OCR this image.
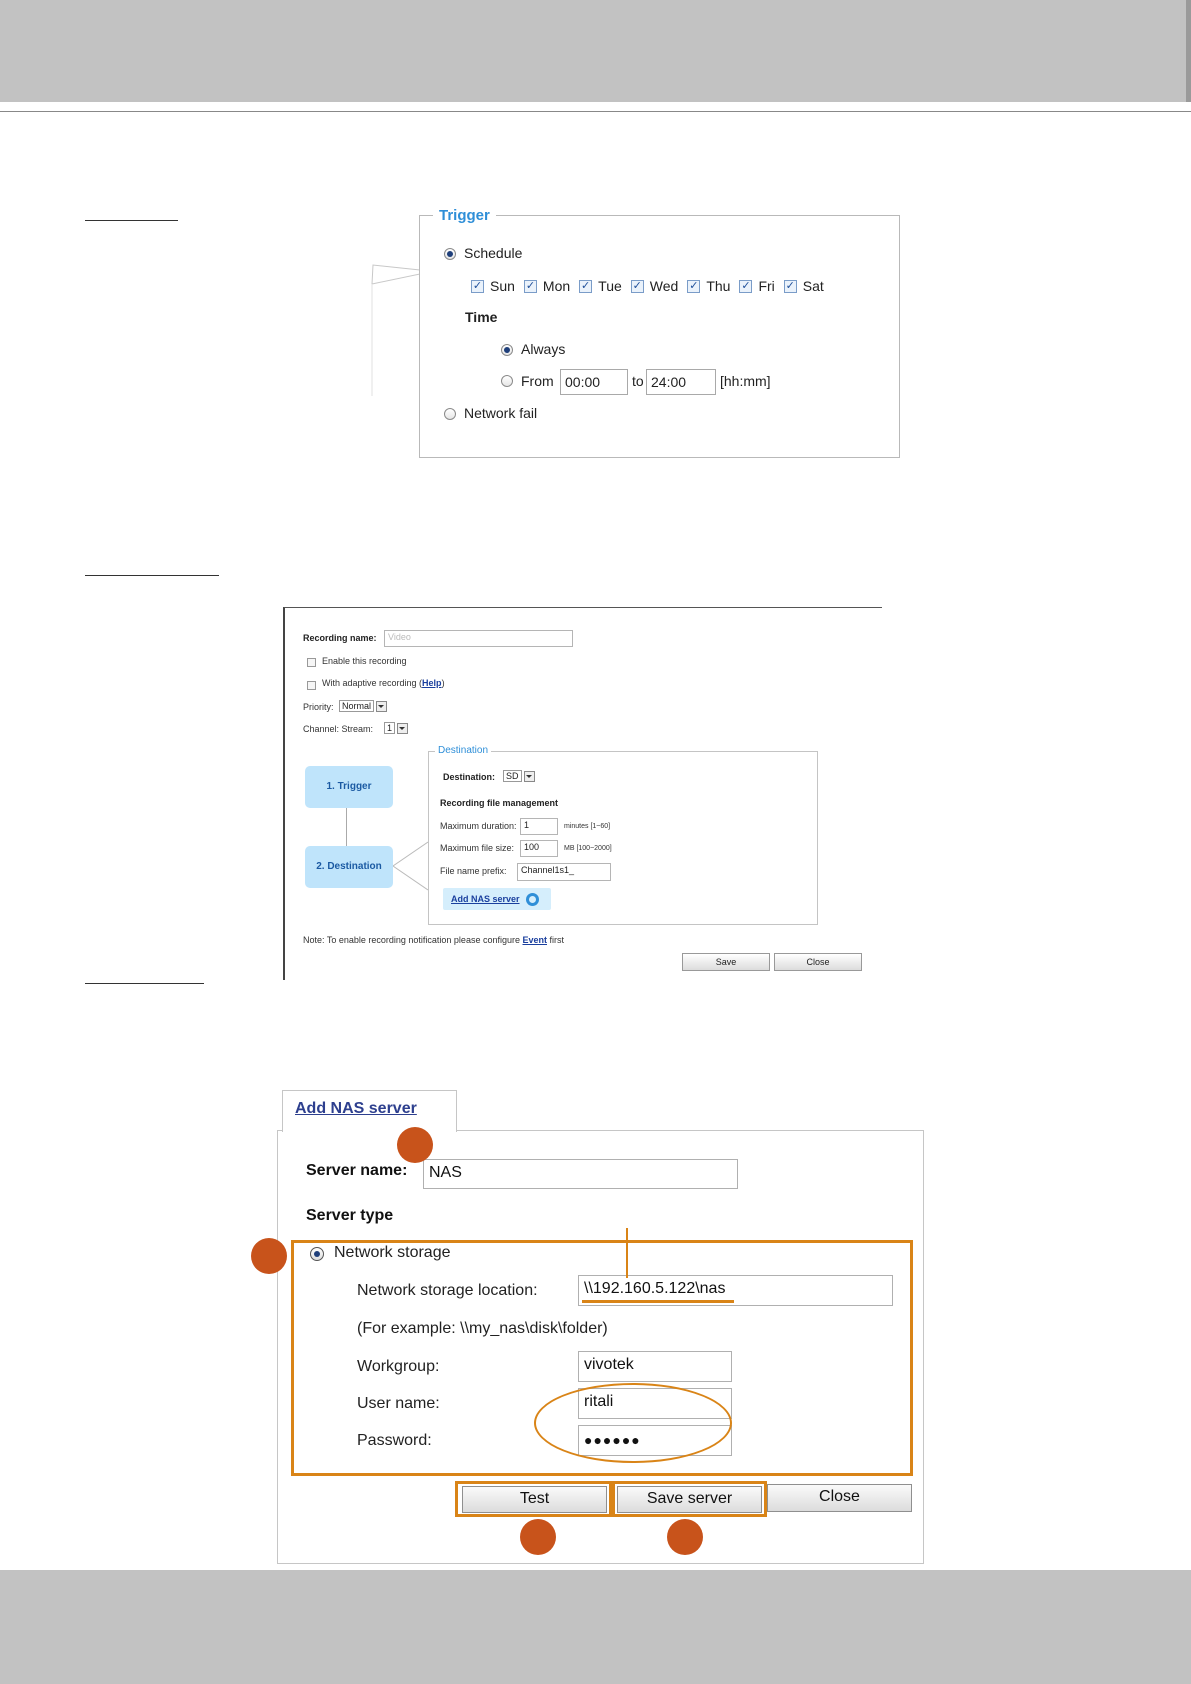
Trigger
Schedule
✓ Sun ✓ Mon ✓ Tue ✓ Wed ✓ Thu ✓ Fri ✓ Sat
Time
Always
From 00:00	to 24:00	[hh:mm]
Network fail
Recording name:	Video
Enable this recording
With adaptive recording (Help)
Priority: Normal
Channel: Stream:	1
1. Trigger
2. Destination
Destination
Destination:	SD
Recording file management
Maximum duration: 1	minutes [1~60]
Maximum file size:	100	MB [100~2000]
File name prefix:	Channel1s1_
Add NAS server
Note: To enable recording notification please configure Event first
Save	Close
Add NAS server
Server name:	NAS
Server type
Network storage
Network storage location:	\\192.160.5.122\nas
(For example: \\my_nas\disk\folder)
Workgroup:	vivotek
User name:	ritali
Password:	●●●●●●
Test	Save server	Close
